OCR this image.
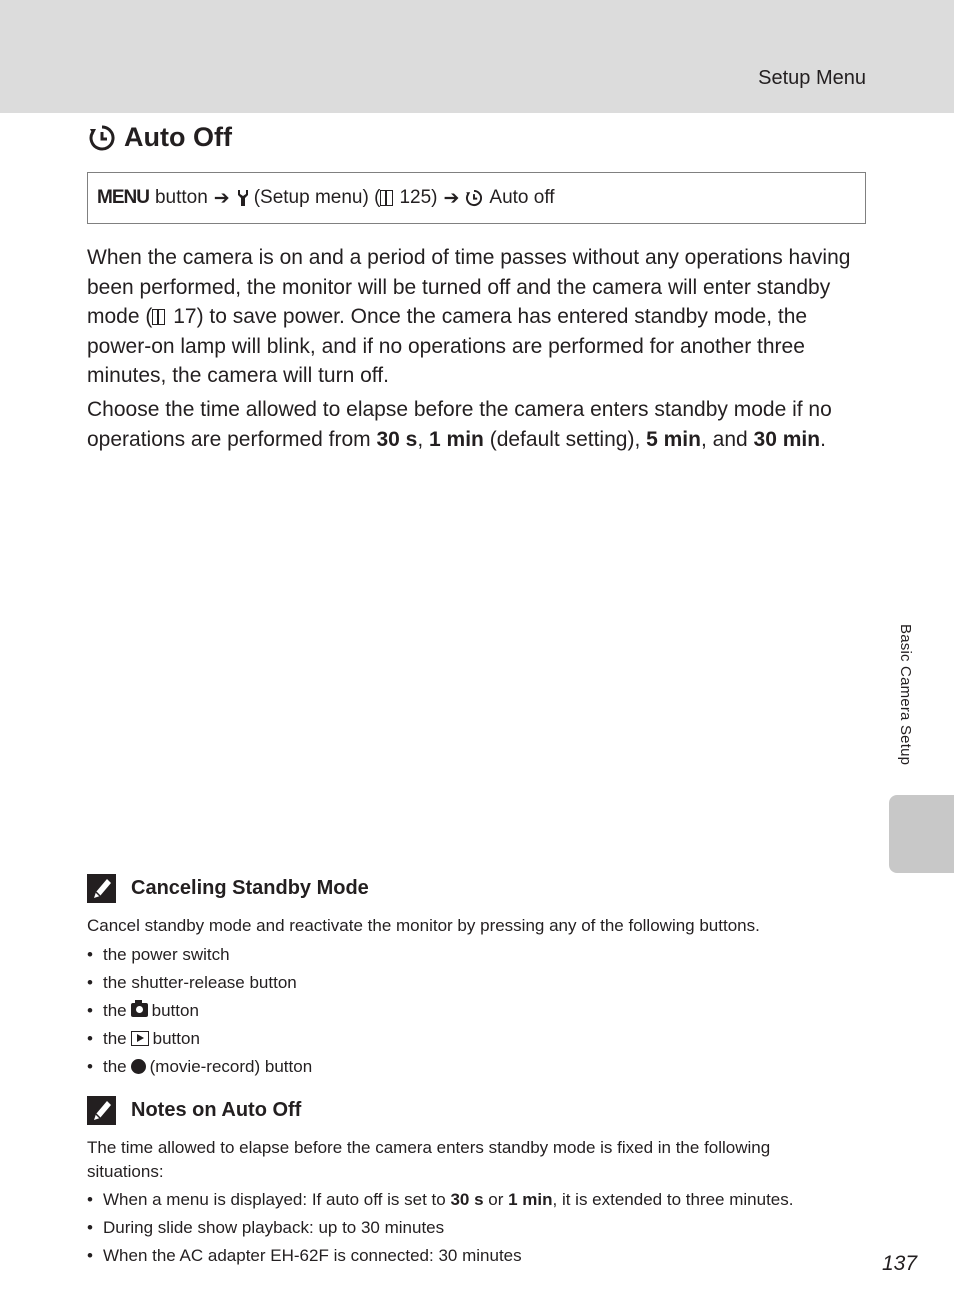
Setup Menu
Auto Off
MENU button ➔ (Setup menu) ( 125 ) ➔ Auto off
When the camera is on and a period of time passes without any operations having been performed, the monitor will be turned off and the camera will enter standby mode ( 17) to save power. Once the camera has entered standby mode, the power-on lamp will blink, and if no operations are performed for another three minutes, the camera will turn off.
Choose the time allowed to elapse before the camera enters standby mode if no operations are performed from 30 s, 1 min (default setting), 5 min, and 30 min.
Basic Camera Setup
Canceling Standby Mode
Cancel standby mode and reactivate the monitor by pressing any of the following buttons.
• the power switch
• the shutter-release button
• the button
• the button
• the (movie-record) button
Notes on Auto Off
The time allowed to elapse before the camera enters standby mode is fixed in the following situations:
• When a menu is displayed: If auto off is set to 30 s or 1 min, it is extended to three minutes.
• During slide show playback: up to 30 minutes
• When the AC adapter EH-62F is connected: 30 minutes	137
